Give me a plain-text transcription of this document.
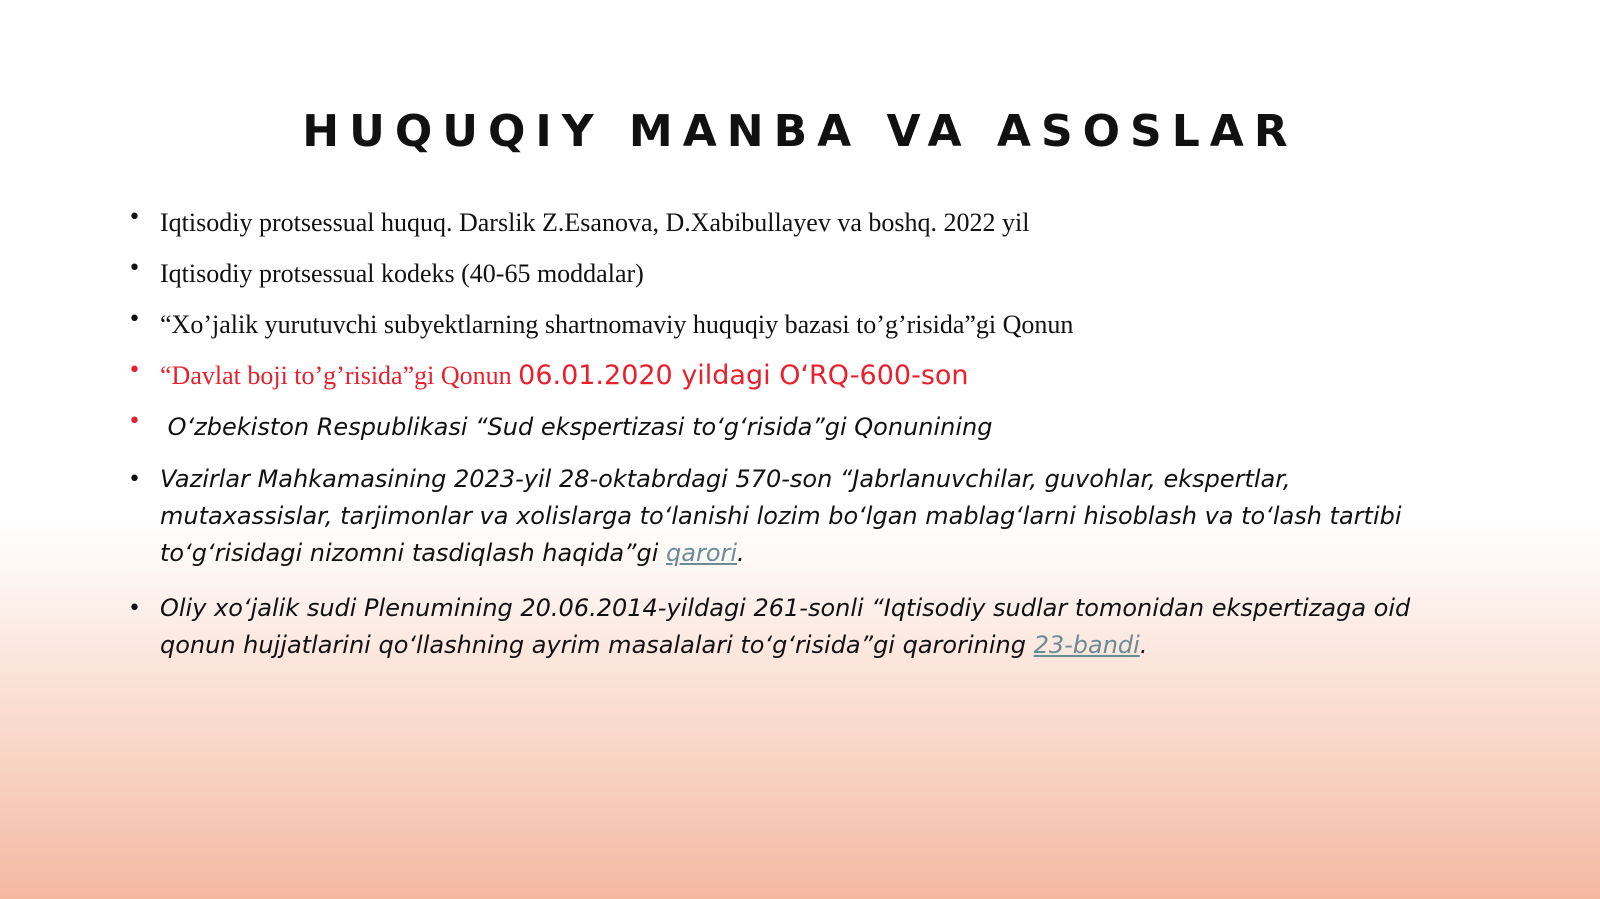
HUQUQIY MANBA VA ASOSLAR
• Iqtisodiy protsessual huquq. Darslik Z.Esanova, D.Xabibullayev va boshq. 2022 yil
• Iqtisodiy protsessual kodeks (40-65 moddalar)
• “Xo’jalik yurutuvchi subyektlarning shartnomaviy huquqiy bazasi to’g’risida”gi Qonun
• “Davlat boji to’g’risida”gi Qonun 06.01.2020 yildagi O‘RQ-600-son
• O‘zbekiston Respublikasi “Sud ekspertizasi to‘g‘risida”gi Qonunining
• Vazirlar Mahkamasining 2023-yil 28-oktabrdagi 570-son “Jabrlanuvchilar, guvohlar, ekspertlar, mutaxassislar, tarjimonlar va xolislarga to‘lanishi lozim bo‘lgan mablag‘larni hisoblash va to‘lash tartibi to‘g‘risidagi nizomni tasdiqlash haqida”gi qarori.
• Oliy xo‘jalik sudi Plenumining 20.06.2014-yildagi 261-sonli “Iqtisodiy sudlar tomonidan ekspertizaga oid qonun hujjatlarini qo‘llashning ayrim masalalari to‘g‘risida”gi qarorining 23-bandi.
